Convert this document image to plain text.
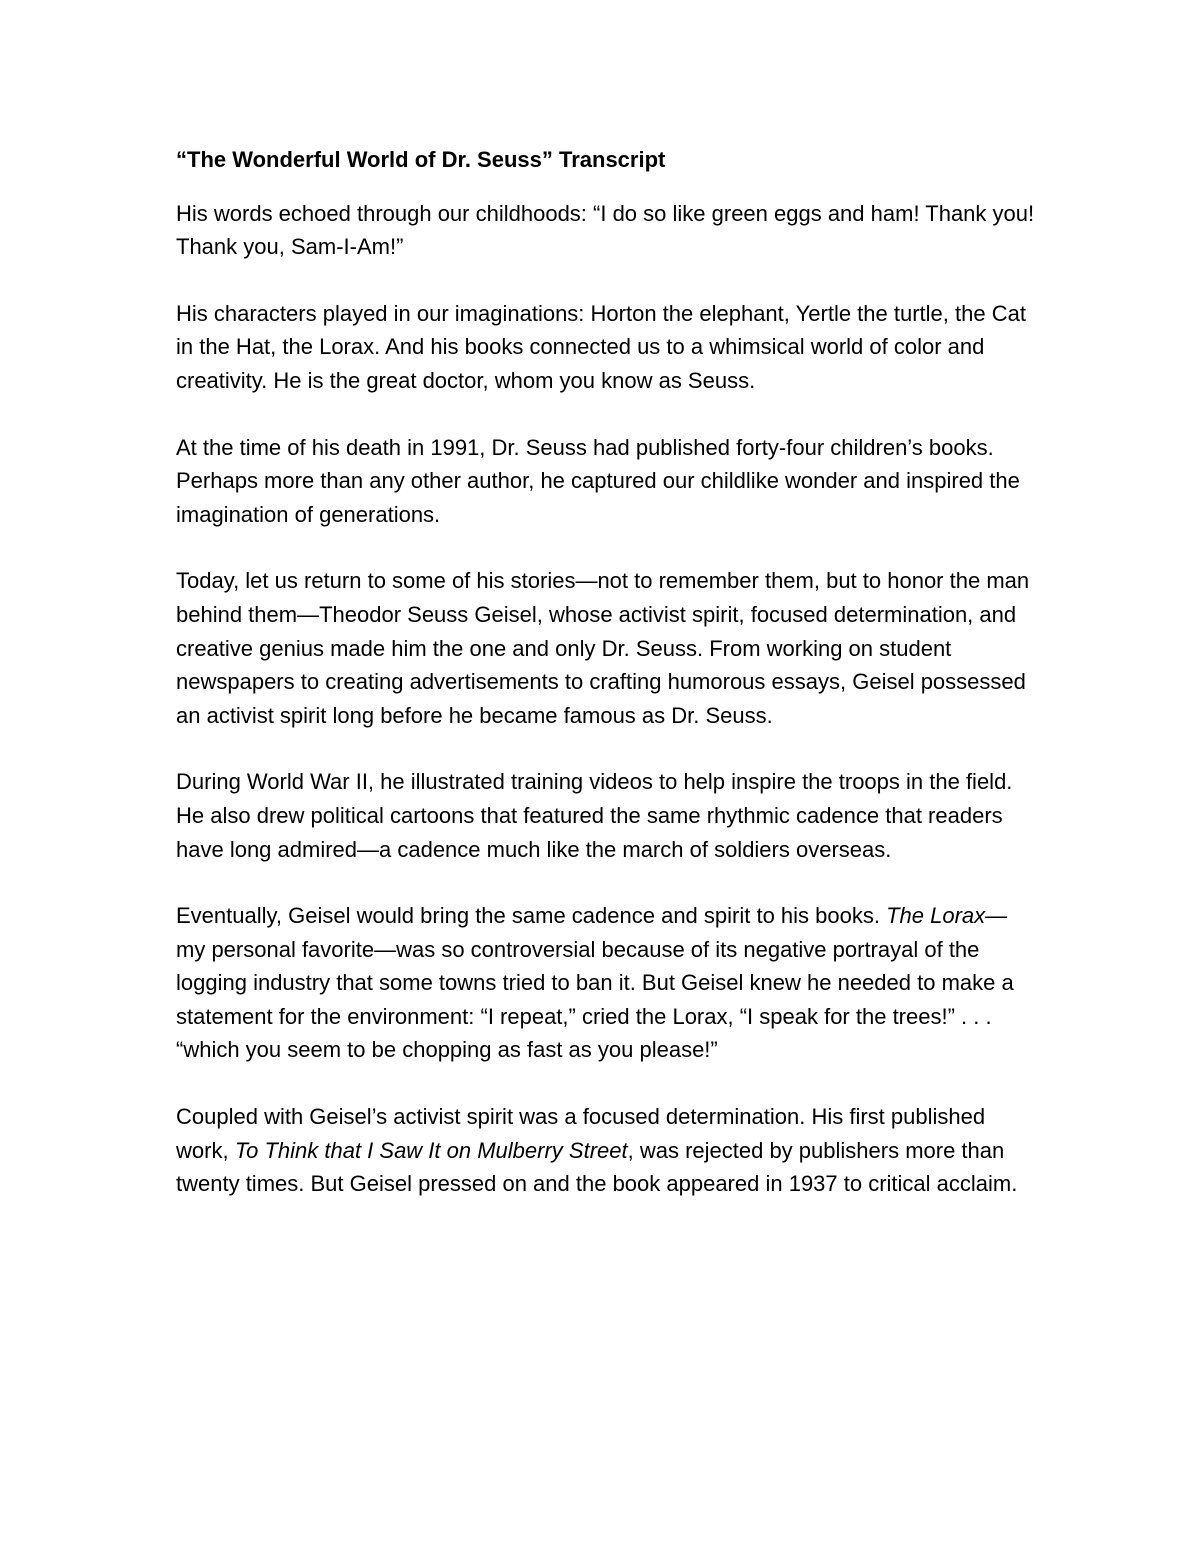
“The Wonderful World of Dr. Seuss” Transcript

His words echoed through our childhoods: “I do so like green eggs and ham! Thank you! Thank you, Sam-I-Am!”

His characters played in our imaginations: Horton the elephant, Yertle the turtle, the Cat in the Hat, the Lorax. And his books connected us to a whimsical world of color and creativity. He is the great doctor, whom you know as Seuss.

At the time of his death in 1991, Dr. Seuss had published forty-four children’s books. Perhaps more than any other author, he captured our childlike wonder and inspired the imagination of generations.

Today, let us return to some of his stories—not to remember them, but to honor the man behind them—Theodor Seuss Geisel, whose activist spirit, focused determination, and creative genius made him the one and only Dr. Seuss. From working on student newspapers to creating advertisements to crafting humorous essays, Geisel possessed an activist spirit long before he became famous as Dr. Seuss.

During World War II, he illustrated training videos to help inspire the troops in the field. He also drew political cartoons that featured the same rhythmic cadence that readers have long admired—a cadence much like the march of soldiers overseas.

Eventually, Geisel would bring the same cadence and spirit to his books. The Lorax—my personal favorite—was so controversial because of its negative portrayal of the logging industry that some towns tried to ban it. But Geisel knew he needed to make a statement for the environment: “I repeat,” cried the Lorax, “I speak for the trees!” . . . “which you seem to be chopping as fast as you please!”

Coupled with Geisel’s activist spirit was a focused determination. His first published work, To Think that I Saw It on Mulberry Street, was rejected by publishers more than twenty times. But Geisel pressed on and the book appeared in 1937 to critical acclaim.
